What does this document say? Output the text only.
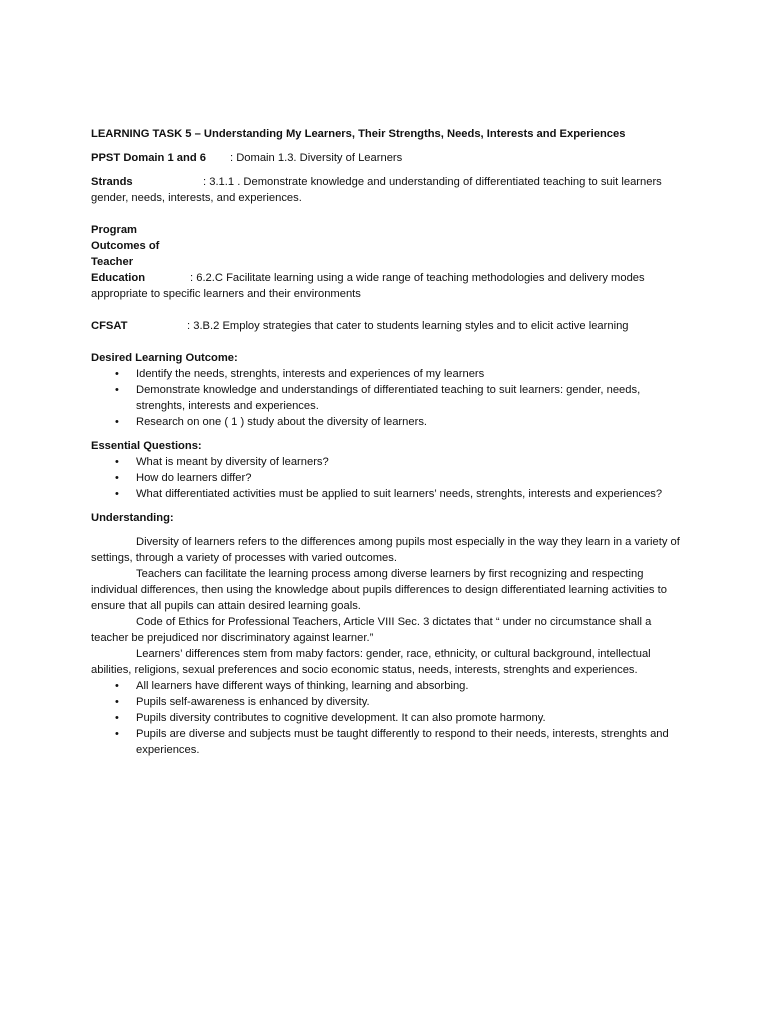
LEARNING TASK 5 – Understanding My Learners, Their Strengths, Needs, Interests and Experiences
PPST Domain 1 and 6 : Domain 1.3. Diversity of Learners
Strands	: 3.1.1 . Demonstrate knowledge and understanding of differentiated teaching to suit learners gender, needs, interests, and experiences.
Program
Outcomes of
Teacher
Education	: 6.2.C Facilitate learning using a wide range of teaching methodologies and delivery modes appropriate to specific learners and their environments
CFSAT	: 3.B.2 Employ strategies that cater to students learning styles and to elicit active learning
Desired Learning Outcome:
• Identify the needs, strenghts, interests and experiences of my learners
• Demonstrate knowledge and understandings of differentiated teaching to suit learners: gender, needs, strenghts, interests and experiences.
• Research on one ( 1 ) study about the diversity of learners.
Essential Questions:
• What is meant by diversity of learners?
• How do learners differ?
• What differentiated activities must be applied to suit learners’ needs, strenghts, interests and experiences?
Understanding:

Diversity of learners refers to the differences among pupils most especially in the way they learn in a variety of settings, through a variety of processes with varied outcomes.

Teachers can facilitate the learning process among diverse learners by first recognizing and respecting individual differences, then using the knowledge about pupils differences to design differentiated learning activities to ensure that all pupils can attain desired learning goals.

Code of Ethics for Professional Teachers, Article VIII Sec. 3 dictates that “ under no circumstance shall a teacher be prejudiced nor discriminatory against learner.”

Learners’ differences stem from maby factors: gender, race, ethnicity, or cultural background, intellectual abilities, religions, sexual preferences and socio economic status, needs, interests, strenghts and experiences.

• All learners have different ways of thinking, learning and absorbing.
• Pupils self-awareness is enhanced by diversity.
• Pupils diversity contributes to cognitive development. It can also promote harmony.
• Pupils are diverse and subjects must be taught differently to respond to their needs, interests, strenghts and experiences.
